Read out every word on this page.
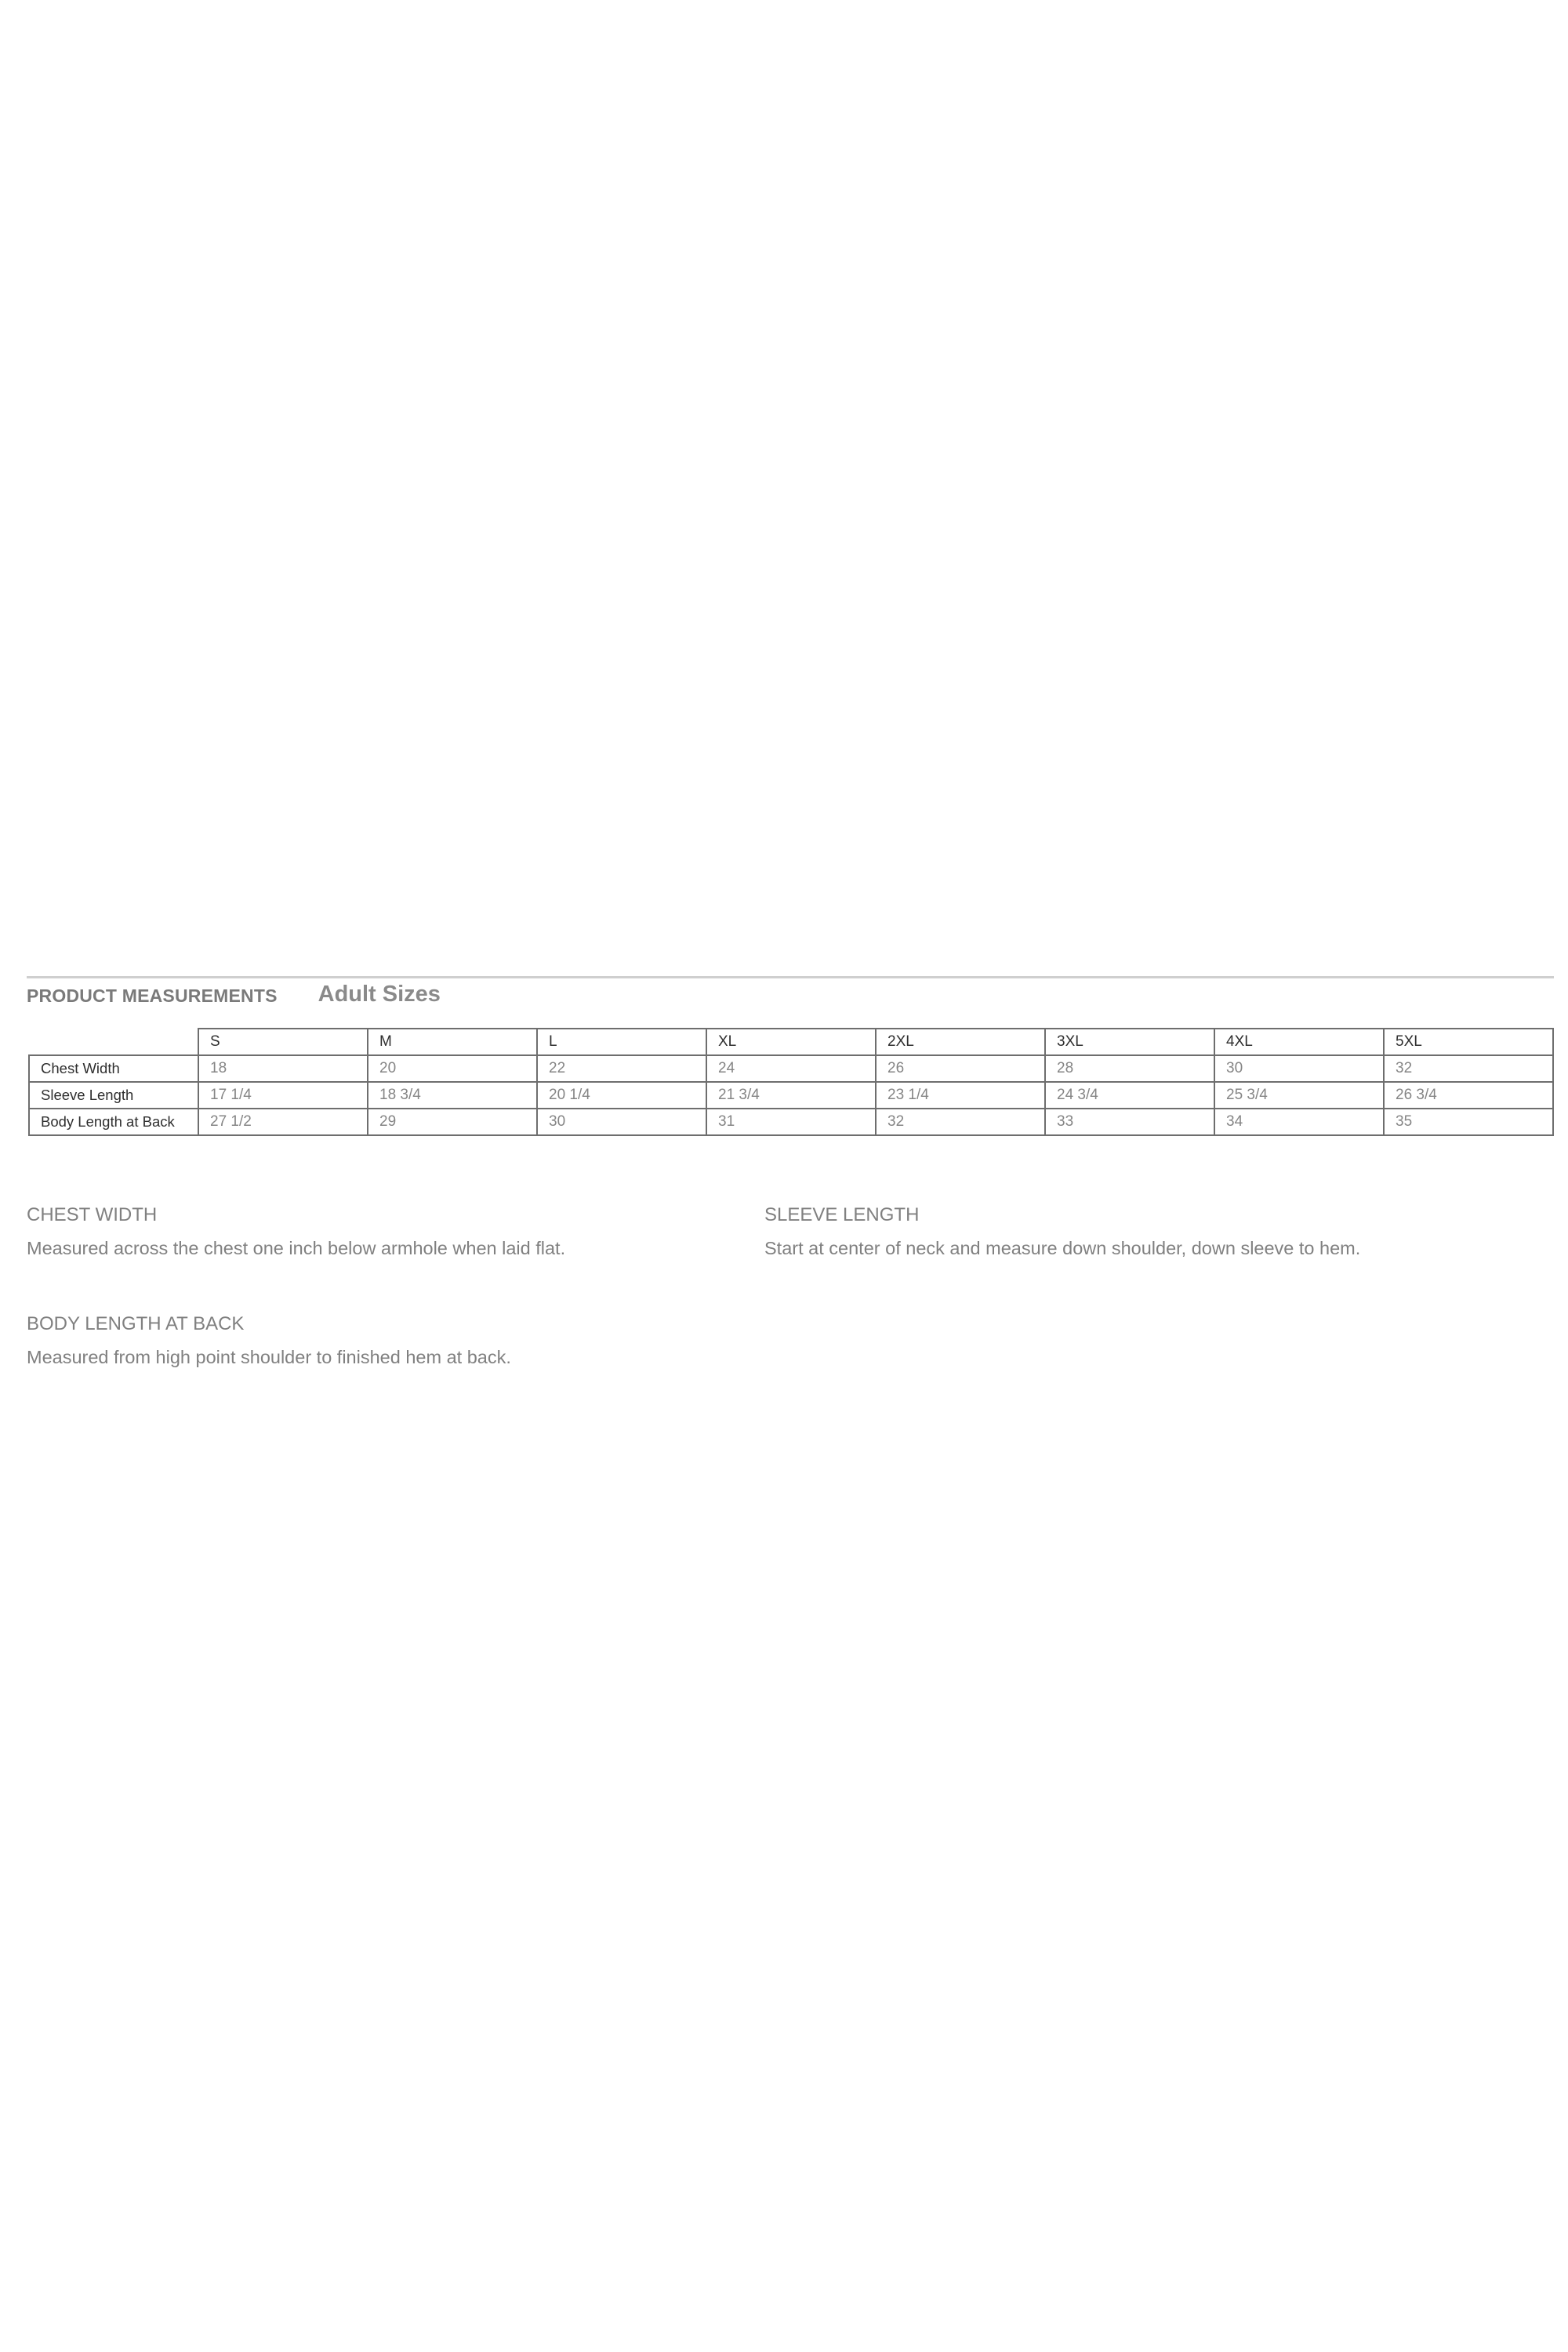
PRODUCT MEASUREMENTS Adult Sizes
	S	M	L	XL	2XL	3XL	4XL	5XL
Chest Width	18	20	22	24	26	28	30	32
Sleeve Length	17 1/4	18 3/4	20 1/4	21 3/4	23 1/4	24 3/4	25 3/4	26 3/4
Body Length at Back	27 1/2	29	30	31	32	33	34	35

CHEST WIDTH

Measured across the chest one inch below armhole when laid flat.

SLEEVE LENGTH

Start at center of neck and measure down shoulder, down sleeve to hem.

BODY LENGTH AT BACK

Measured from high point shoulder to finished hem at back.
